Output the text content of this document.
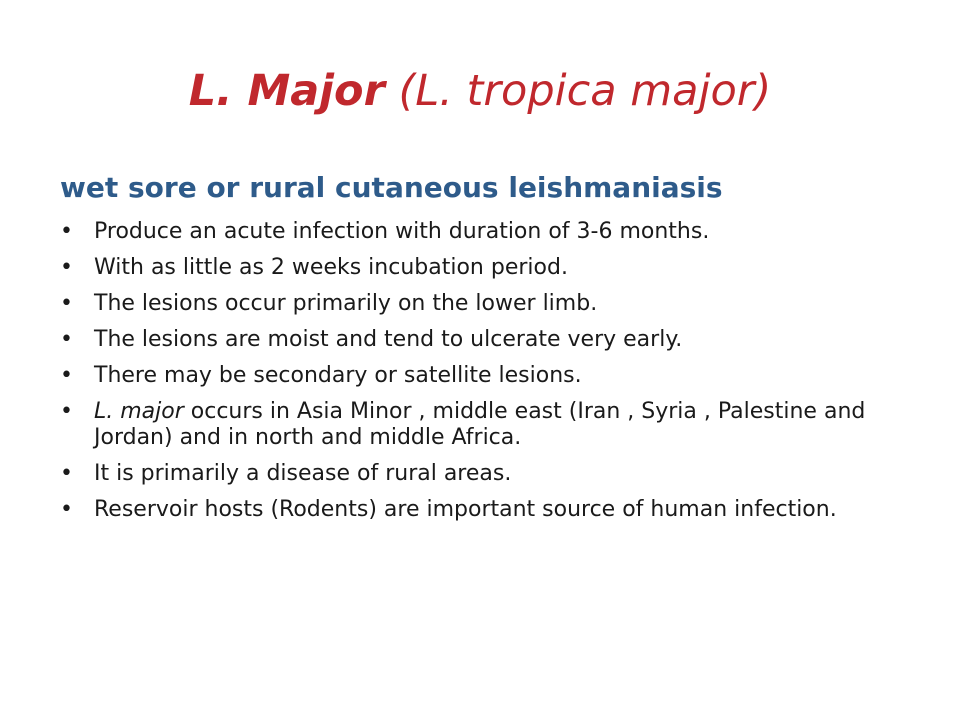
L. Major (L. tropica major)
wet sore or rural cutaneous leishmaniasis
• Produce an acute infection with duration of 3-6 months.
• With as little as 2 weeks incubation period.
• The lesions occur primarily on the lower limb.
• The lesions are moist and tend to ulcerate very early.
• There may be secondary or satellite lesions.
• L. major occurs in Asia Minor , middle east (Iran , Syria , Palestine and Jordan) and in north and middle Africa.
• It is primarily a disease of rural areas.
• Reservoir hosts (Rodents) are important source of human infection.
